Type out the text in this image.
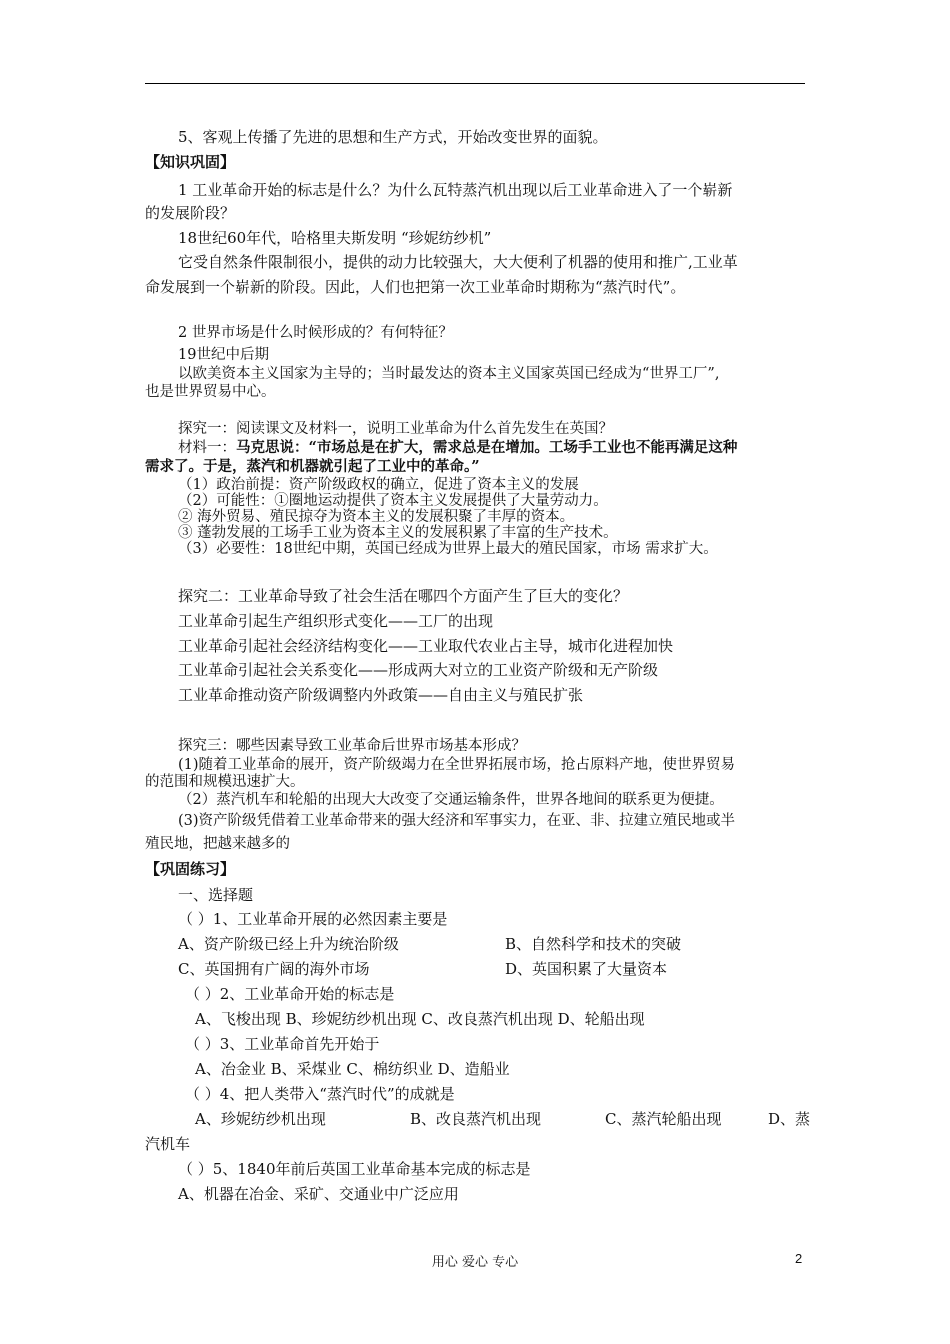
5、客观上传播了先进的思想和生产方式，开始改变世界的面貌。
【知识巩固】
1 工业革命开始的标志是什么？为什么瓦特蒸汽机出现以后工业革命进入了一个崭新
的发展阶段？
18世纪60年代，哈格里夫斯发明 “珍妮纺纱机”
它受自然条件限制很小，提供的动力比较强大，大大便利了机器的使用和推广,工业革
命发展到一个崭新的阶段。因此，人们也把第一次工业革命时期称为“蒸汽时代”。
2 世界市场是什么时候形成的？有何特征？
19世纪中后期
以欧美资本主义国家为主导的；当时最发达的资本主义国家英国已经成为“世界工厂”,
也是世界贸易中心。
探究一：阅读课文及材料一，说明工业革命为什么首先发生在英国？
材料一：马克思说：“市场总是在扩大，需求总是在增加。工场手工业也不能再满足这种
需求了。于是，蒸汽和机器就引起了工业中的革命。”
（1）政治前提：资产阶级政权的确立，促进了资本主义的发展
（2）可能性：①圈地运动提供了资本主义发展提供了大量劳动力。
② 海外贸易、殖民掠夺为资本主义的发展积聚了丰厚的资本。
③ 蓬勃发展的工场手工业为资本主义的发展积累了丰富的生产技术。
（3）必要性：18世纪中期，英国已经成为世界上最大的殖民国家，市场 需求扩大。
探究二：工业革命导致了社会生活在哪四个方面产生了巨大的变化？
工业革命引起生产组织形式变化——工厂的出现
工业革命引起社会经济结构变化——工业取代农业占主导，城市化进程加快
工业革命引起社会关系变化——形成两大对立的工业资产阶级和无产阶级
工业革命推动资产阶级调整内外政策——自由主义与殖民扩张
探究三：哪些因素导致工业革命后世界市场基本形成？
(1)随着工业革命的展开，资产阶级竭力在全世界拓展市场，抢占原料产地，使世界贸易
的范围和规模迅速扩大。
（2）蒸汽机车和轮船的出现大大改变了交通运输条件，世界各地间的联系更为便捷。
(3)资产阶级凭借着工业革命带来的强大经济和军事实力，在亚、非、拉建立殖民地或半
殖民地，把越来越多的
【巩固练习】
一、选择题
（ ）1、工业革命开展的必然因素主要是
A、资产阶级已经上升为统治阶级	B、自然科学和技术的突破
C、英国拥有广阔的海外市场	D、英国积累了大量资本
（ ）2、工业革命开始的标志是
A、飞梭出现 B、珍妮纺纱机出现 C、改良蒸汽机出现 D、轮船出现
（ ）3、工业革命首先开始于
A、冶金业 B、采煤业 C、棉纺织业 D、造船业
（ ）4、把人类带入“蒸汽时代”的成就是
A、珍妮纺纱机出现	B、改良蒸汽机出现	C、蒸汽轮船出现	D、蒸
汽机车
（ ）5、1840年前后英国工业革命基本完成的标志是
A、机器在冶金、采矿、交通业中广泛应用
用心 爱心 专心	2
